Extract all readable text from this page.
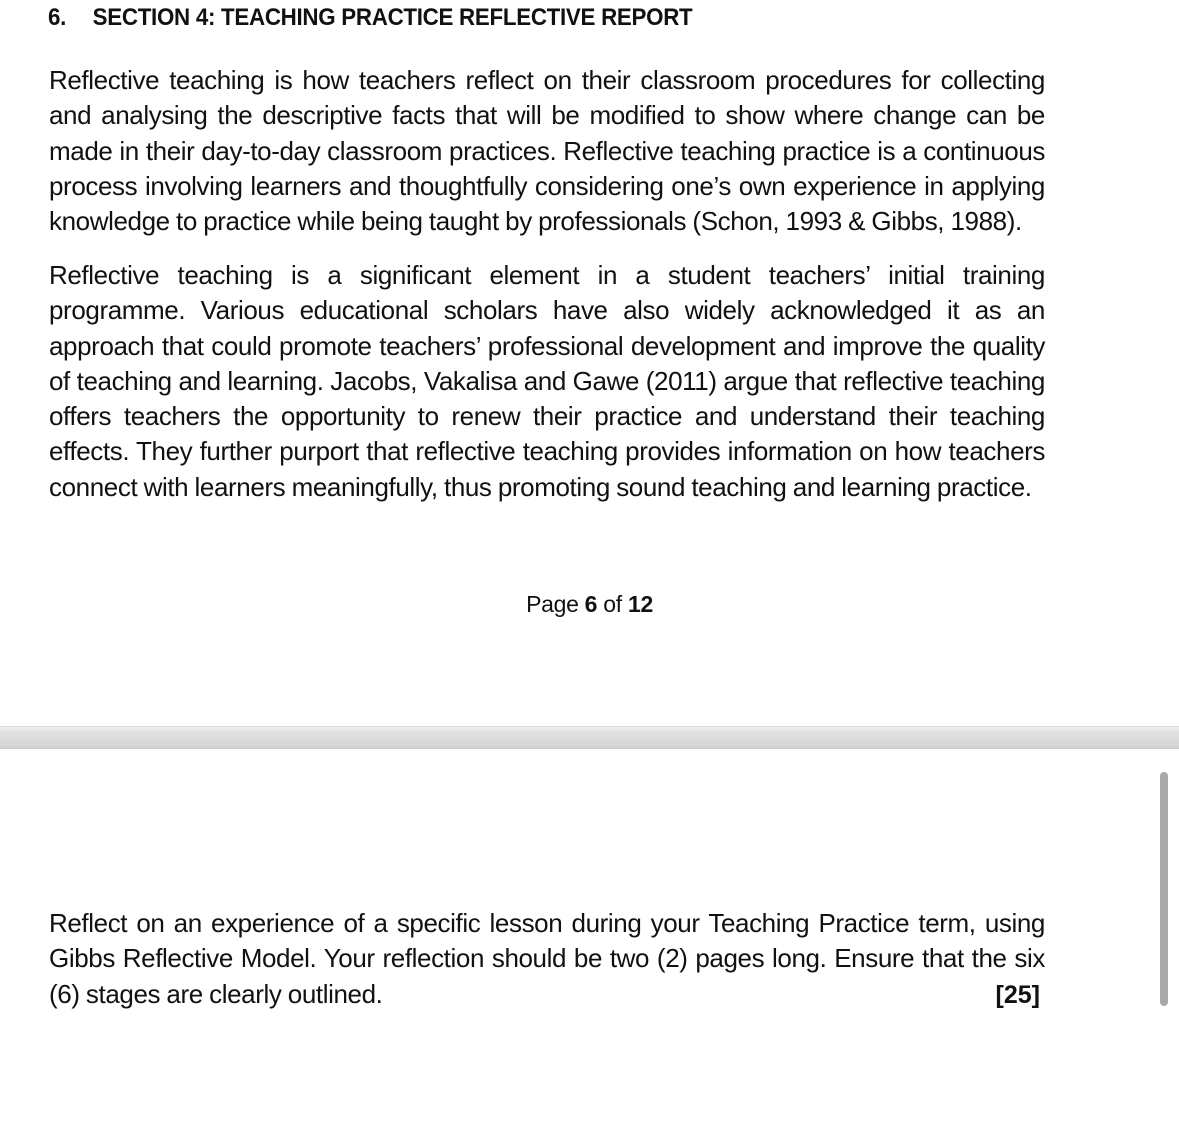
6. SECTION 4: TEACHING PRACTICE REFLECTIVE REPORT

Reflective teaching is how teachers reflect on their classroom procedures for collecting and analysing the descriptive facts that will be modified to show where change can be made in their day-to-day classroom practices. Reflective teaching practice is a continuous process involving learners and thoughtfully considering one’s own experience in applying knowledge to practice while being taught by professionals (Schon, 1993 & Gibbs, 1988).

Reflective teaching is a significant element in a student teachers’ initial training programme. Various educational scholars have also widely acknowledged it as an approach that could promote teachers’ professional development and improve the quality of teaching and learning. Jacobs, Vakalisa and Gawe (2011) argue that reflective teaching offers teachers the opportunity to renew their practice and understand their teaching effects. They further purport that reflective teaching provides information on how teachers connect with learners meaningfully, thus promoting sound teaching and learning practice.

Page 6 of 12

Reflect on an experience of a specific lesson during your Teaching Practice term, using Gibbs Reflective Model. Your reflection should be two (2) pages long. Ensure that the six (6) stages are clearly outlined.	[25]
